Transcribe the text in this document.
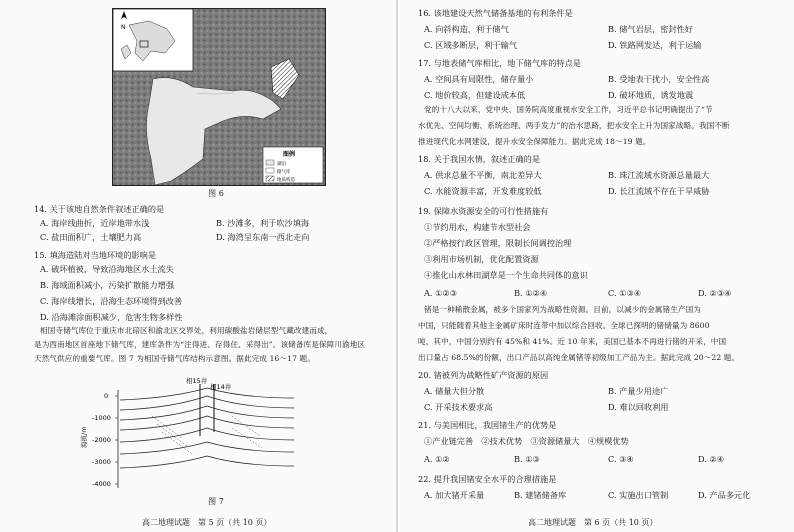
N
图例
湖泊
储气库
地质构造
图 6
14. 关于该地自然条件叙述正确的是
A. 海岸线曲折，近岸地带水浅	B. 沙滩多，利于吹沙填海
C. 盐田面积广，土壤肥力高	D. 海湾呈东南一西北走向
15. 填海造陆对当地环境的影响是
A. 破坏植被，导致沿海地区水土流失
B. 海域面积减小，污染扩散能力增强
C. 海岸线增长，沿海生态环境得到改善
D. 沿海滩涂面积减少，危害生物多样性
相国寺储气库位于重庆市北碚区和渝北区交界处，利用碳酸盐岩储层型气藏改建而成，
是为西南地区首座地下储气库，建库条件为“注得进、存得住、采得出”。该储备库是保障川渝地区
天然气供应的重要气库。图 7 为相国寺储气库结构示意图。据此完成 16～17 题。
0
-1000
-2000
-3000
-4000
海拔/m
相15井
相14井
图 7
高二地理试题　第 5 页（共 10 页）
16. 该地建设天然气储备基地的有利条件是
A. 向斜构造，利于储气	B. 储气岩层，密封性好
C. 区域多断层，利于输气	D. 铁路网发达，利于运输
17. 与地表储气库相比，地下储气库的特点是
A. 空间具有局限性，储存量小	B. 受地表干扰小，安全性高
C. 地价较高，但建设成本低	D. 破坏地质，诱发地震
党的十八大以来，党中央、国务院高度重视水安全工作，习近平总书记明确提出了“节
水优先、空间均衡、系统治理、两手发力”的治水思路，把水安全上升为国家战略。我国不断
推进现代化水网建设，提升水安全保障能力。据此完成 18～19 题。
18. 关于我国水情，叙述正确的是
A. 供求总量不平衡，南北差异大	B. 珠江流域水资源总量最大
C. 水能资源丰富，开发难度较低	D. 长江流域不存在干旱威胁
19. 保障水资源安全的可行性措施有
①节约用水，构建节水型社会
②严格按行政区管理，限制长间调控治理
③利用市场机制，优化配置资源
④推化山水林田湖草是一个生命共同体的意识
A. ①②③	B. ①②④	C. ①③④	D. ②③④
锗是一种稀散金属，被多个国家列为战略性资源。目前，以减少的金属锗生产国为
中国，只能随着其他主金属矿床时连带中加以综合回收。全球已探明的锗储量为 8600
吨，其中，中国分别约有 45%和 41%。近 10 年来，美国已基本不再进行锗的开采，中国
出口量占 68.5%的份额，出口产品以高纯金属锗等初级加工产品为主。据此完成 20～22 题。
20. 锗被列为战略性矿产资源的原因
A. 储量大但分散	B. 产量少用途广
C. 开采技术要求高	D. 难以回收利用
21. 与美国相比，我国锗生产的优势是
①产业链完善　②技术优势　③资源储量大　④规模优势
A. ①②	B. ①③	C. ③④	D. ②④
22. 提升我国锗安全水平的合理措施是
A. 加大锗开采量	B. 建锗储备库	C. 实施出口管制	D. 产品多元化
高二地理试题　第 6 页（共 10 页）
